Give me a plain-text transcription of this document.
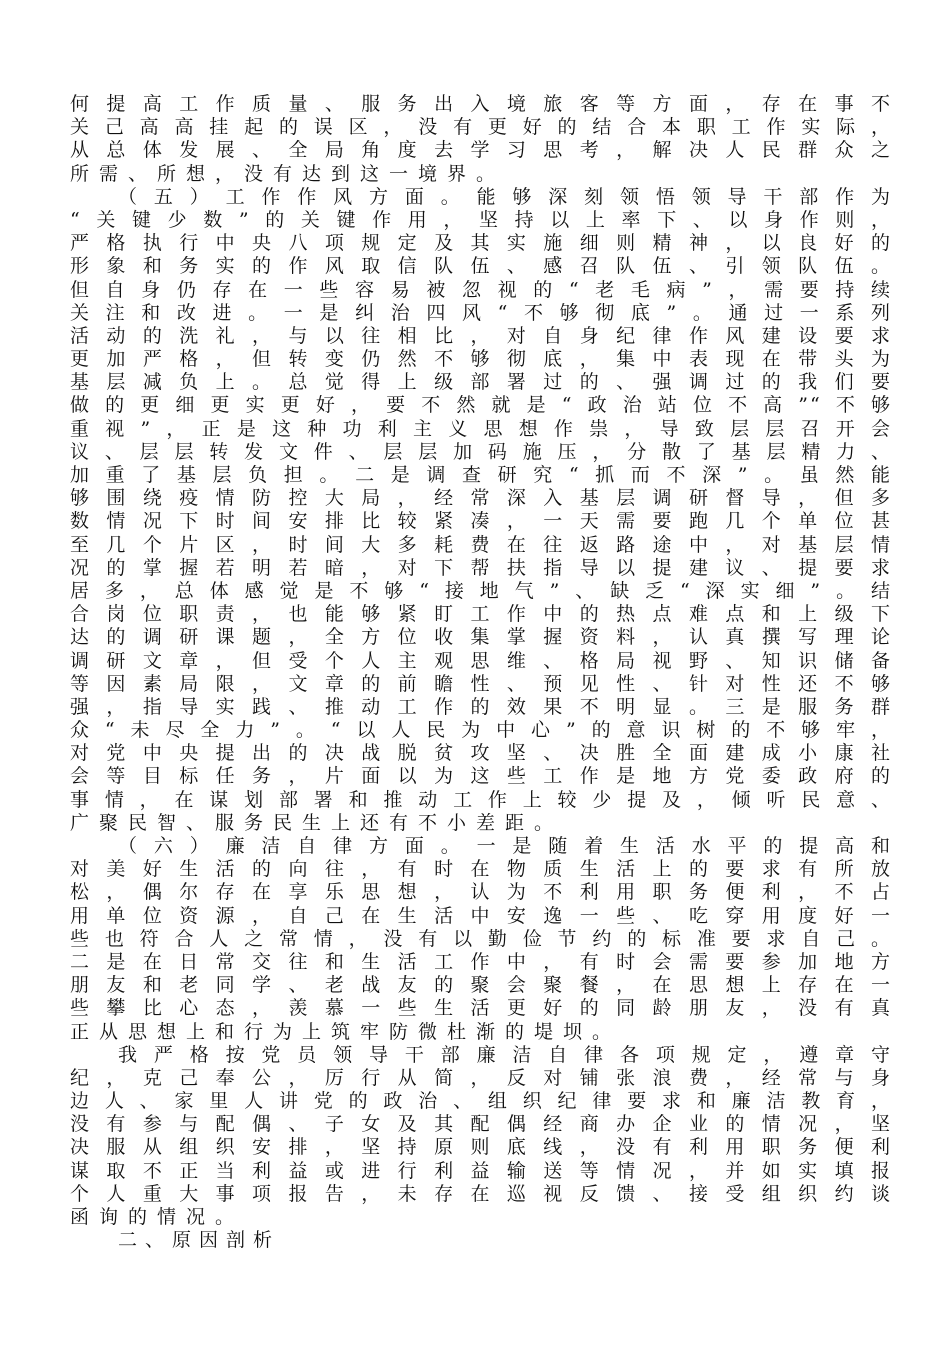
何提高工作质量、服务出入境旅客等方面，存在事不
关己高高挂起的误区，没有更好的结合本职工作实际，
从总体发展、全局角度去学习思考，解决人民群众之
所需、所想，没有达到这一境界。
（五）工作作风方面。能够深刻领悟领导干部作为
“关键少数”的关键作用，坚持以上率下、以身作则，
严格执行中央八项规定及其实施细则精神，以良好的
形象和务实的作风取信队伍、感召队伍、引领队伍。
但自身仍存在一些容易被忽视的“老毛病”，需要持续
关注和改进。一是纠治四风“不够彻底”。通过一系列
活动的洗礼，与以往相比，对自身纪律作风建设要求
更加严格，但转变仍然不够彻底，集中表现在带头为
基层减负上。总觉得上级部署过的、强调过的我们要
做的更细更实更好，要不然就是“政治站位不高”“不够
重视”，正是这种功利主义思想作祟，导致层层召开会
议、层层转发文件、层层加码施压，分散了基层精力、
加重了基层负担。二是调查研究“抓而不深”。虽然能
够围绕疫情防控大局，经常深入基层调研督导，但多
数情况下时间安排比较紧凑，一天需要跑几个单位甚
至几个片区，时间大多耗费在往返路途中，对基层情
况的掌握若明若暗，对下帮扶指导以提建议、提要求
居多，总体感觉是不够“接地气”、缺乏“深实细”。结
合岗位职责，也能够紧盯工作中的热点难点和上级下
达的调研课题，全方位收集掌握资料，认真撰写理论
调研文章，但受个人主观思维、格局视野、知识储备
等因素局限，文章的前瞻性、预见性、针对性还不够
强，指导实践、推动工作的效果不明显。三是服务群
众“未尽全力”。“以人民为中心”的意识树的不够牢，
对党中央提出的决战脱贫攻坚、决胜全面建成小康社
会等目标任务，片面以为这些工作是地方党委政府的
事情，在谋划部署和推动工作上较少提及，倾听民意、
广聚民智、服务民生上还有不小差距。
（六）廉洁自律方面。一是随着生活水平的提高和
对美好生活的向往，有时在物质生活上的要求有所放
松，偶尔存在享乐思想，认为不利用职务便利，不占
用单位资源，自己在生活中安逸一些、吃穿用度好一
些也符合人之常情，没有以勤俭节约的标准要求自己。
二是在日常交往和生活工作中，有时会需要参加地方
朋友和老同学、老战友的聚会聚餐，在思想上存在一
些攀比心态，羡慕一些生活更好的同龄朋友，没有真
正从思想上和行为上筑牢防微杜渐的堤坝。
我严格按党员领导干部廉洁自律各项规定，遵章守
纪，克己奉公，厉行从简，反对铺张浪费，经常与身
边人、家里人讲党的政治、组织纪律要求和廉洁教育，
没有参与配偶、子女及其配偶经商办企业的情况，坚
决服从组织安排，坚持原则底线，没有利用职务便利
谋取不正当利益或进行利益输送等情况，并如实填报
个人重大事项报告，未存在巡视反馈、接受组织约谈
函询的情况。
二、原因剖析
